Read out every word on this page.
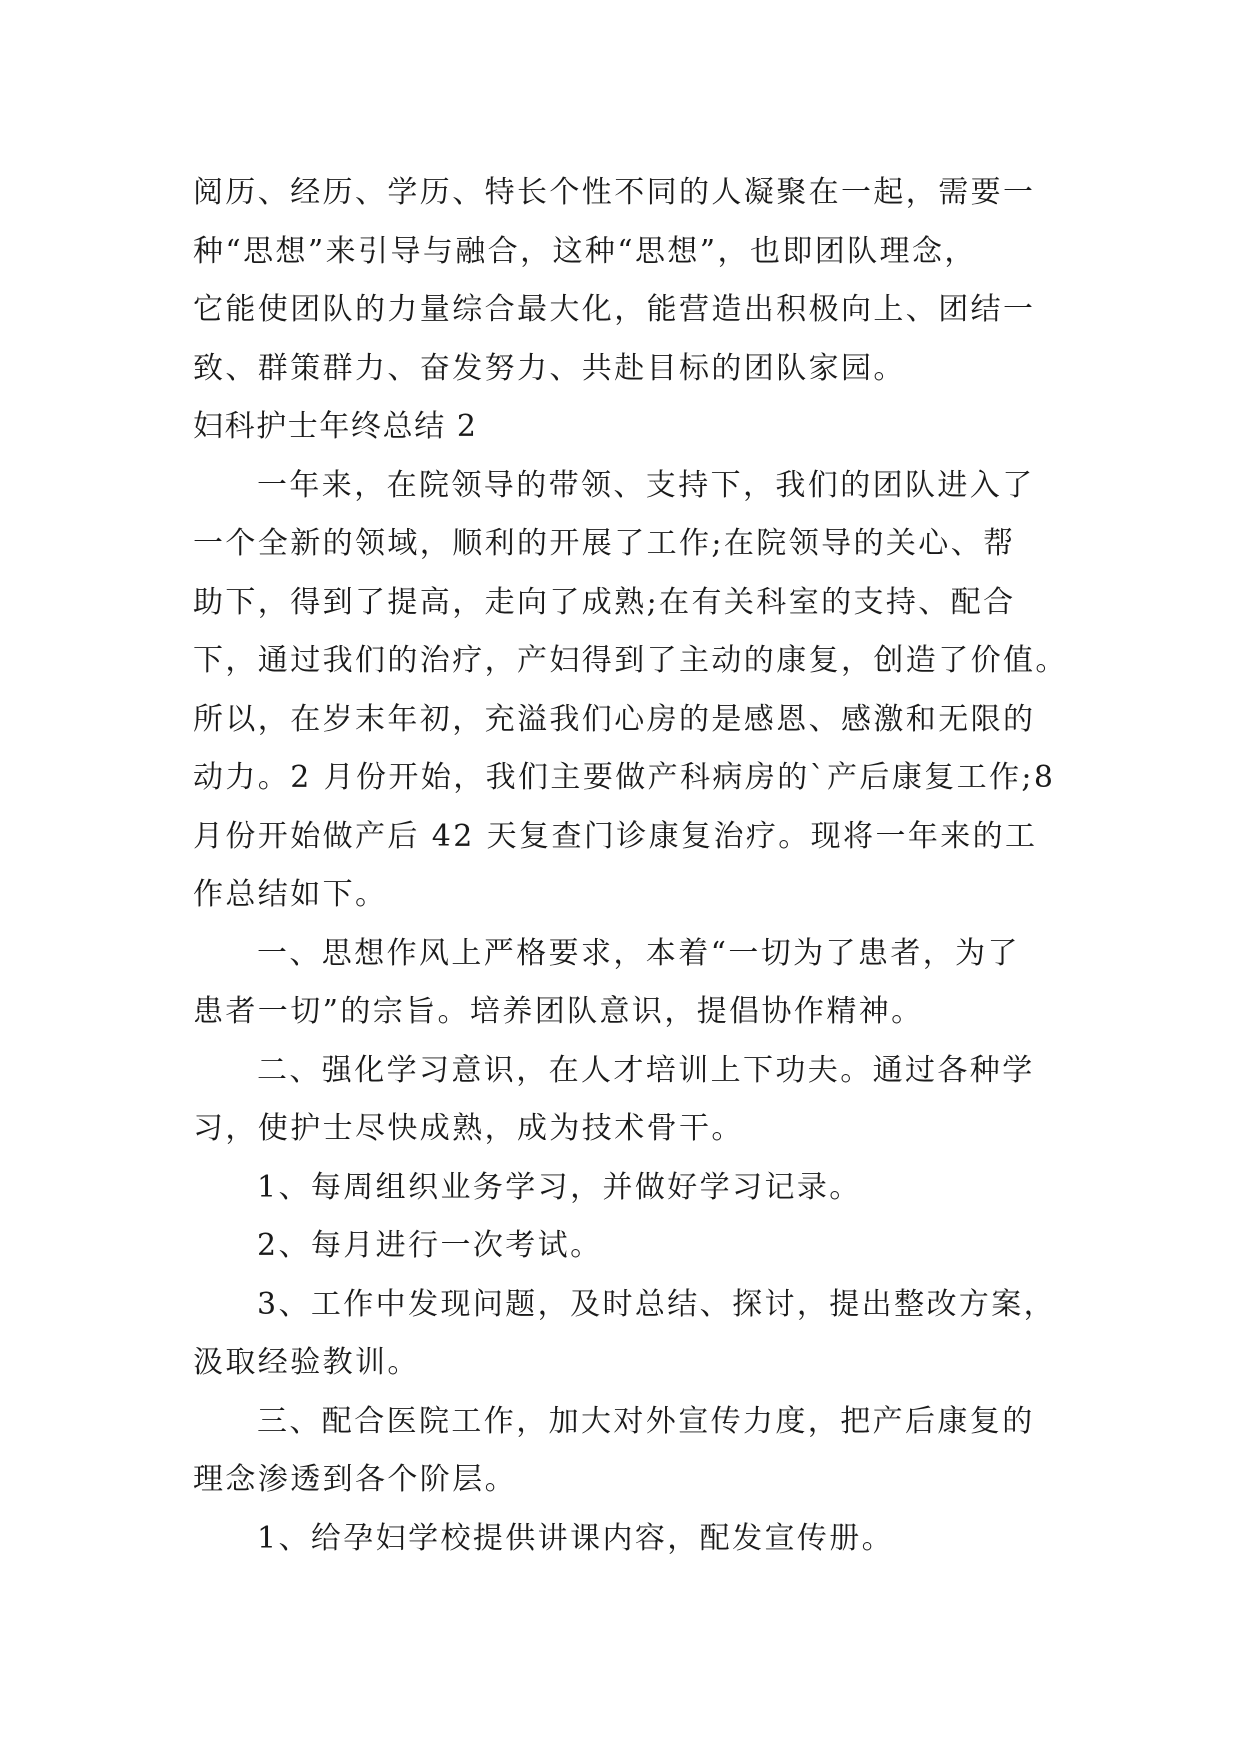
阅历、经历、学历、特长个性不同的人凝聚在一起，需要一
种“思想”来引导与融合，这种“思想”，也即团队理念，
它能使团队的力量综合最大化，能营造出积极向上、团结一
致、群策群力、奋发努力、共赴目标的团队家园。
妇科护士年终总结 2
一年来，在院领导的带领、支持下，我们的团队进入了
一个全新的领域，顺利的开展了工作;在院领导的关心、帮
助下，得到了提高，走向了成熟;在有关科室的支持、配合
下，通过我们的治疗，产妇得到了主动的康复，创造了价值。
所以，在岁末年初，充溢我们心房的是感恩、感激和无限的
动力。2 月份开始，我们主要做产科病房的`产后康复工作;8
月份开始做产后 42 天复查门诊康复治疗。现将一年来的工
作总结如下。
一、思想作风上严格要求，本着“一切为了患者，为了
患者一切”的宗旨。培养团队意识，提倡协作精神。
二、强化学习意识，在人才培训上下功夫。通过各种学
习，使护士尽快成熟，成为技术骨干。
1、每周组织业务学习，并做好学习记录。
2、每月进行一次考试。
3、工作中发现问题，及时总结、探讨，提出整改方案，
汲取经验教训。
三、配合医院工作，加大对外宣传力度，把产后康复的
理念渗透到各个阶层。
1、给孕妇学校提供讲课内容，配发宣传册。
